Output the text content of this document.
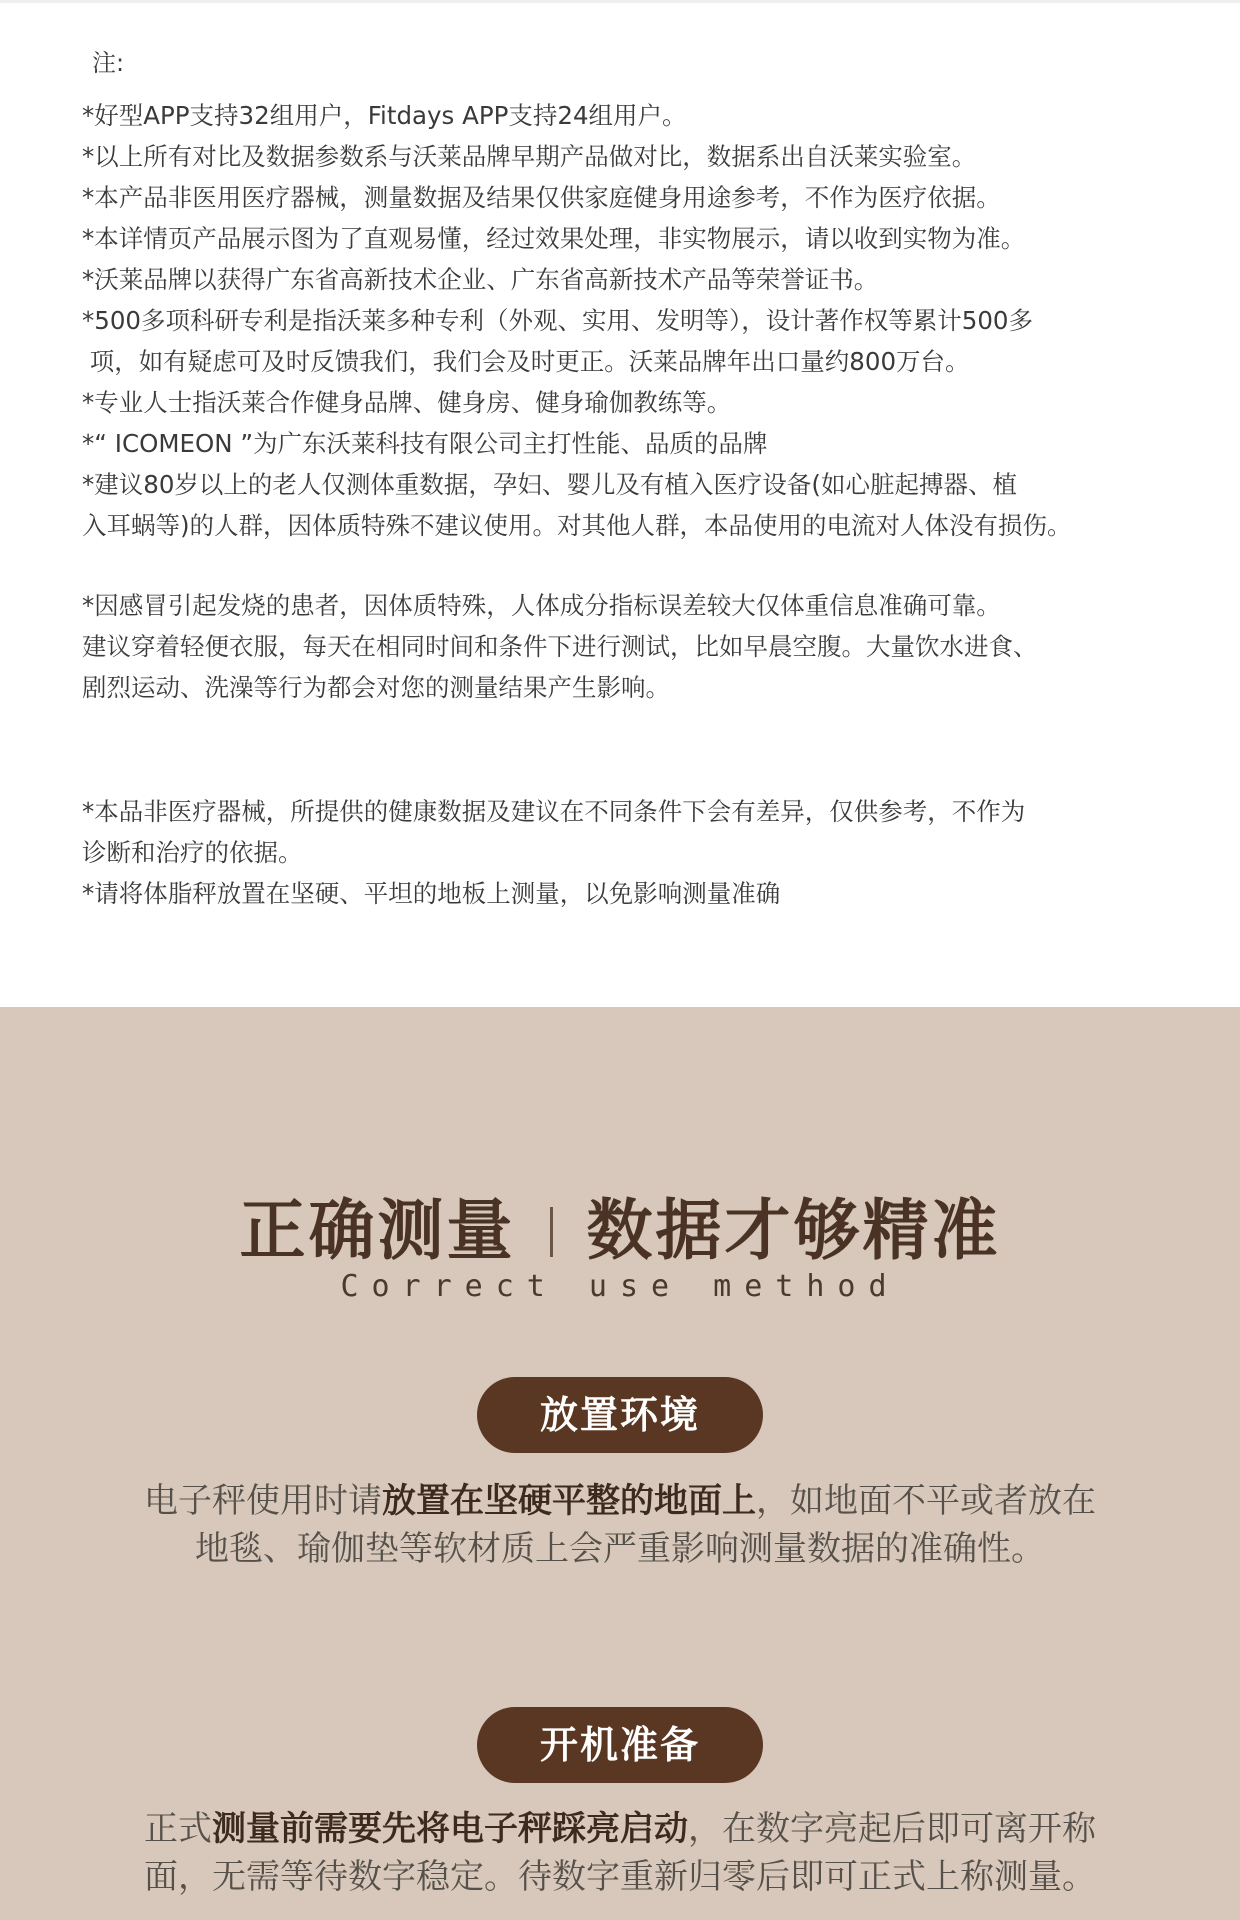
注:

*好型APP支持32组用户，Fitdays APP支持24组用户。

*以上所有对比及数据参数系与沃莱品牌早期产品做对比，数据系出自沃莱实验室。

*本产品非医用医疗器械，测量数据及结果仅供家庭健身用途参考，不作为医疗依据。

*本详情页产品展示图为了直观易懂，经过效果处理，非实物展示，请以收到实物为准。

*沃莱品牌以获得广东省高新技术企业、广东省高新技术产品等荣誉证书。

*500多项科研专利是指沃莱多种专利（外观、实用、发明等），设计著作权等累计500多

项，如有疑虑可及时反馈我们，我们会及时更正。沃莱品牌年出口量约800万台。

*专业人士指沃莱合作健身品牌、健身房、健身瑜伽教练等。

*“ ICOMEON ”为广东沃莱科技有限公司主打性能、品质的品牌

*建议80岁以上的老人仅测体重数据，孕妇、婴儿及有植入医疗设备(如心脏起搏器、植

入耳蜗等)的人群，因体质特殊不建议使用。对其他人群，本品使用的电流对人体没有损伤。

*因感冒引起发烧的患者，因体质特殊，人体成分指标误差较大仅体重信息准确可靠。

建议穿着轻便衣服，每天在相同时间和条件下进行测试，比如早晨空腹。大量饮水进食、

剧烈运动、洗澡等行为都会对您的测量结果产生影响。

*本品非医疗器械，所提供的健康数据及建议在不同条件下会有差异，仅供参考，不作为

诊断和治疗的依据。

*请将体脂秤放置在坚硬、平坦的地板上测量，以免影响测量准确

正确测量 数据才够精准
Correct use method
放置环境
电子秤使用时请放置在坚硬平整的地面上，如地面不平或者放在
地毯、瑜伽垫等软材质上会严重影响测量数据的准确性。
开机准备
正式测量前需要先将电子秤踩亮启动，在数字亮起后即可离开称
面，无需等待数字稳定。待数字重新归零后即可正式上称测量。
